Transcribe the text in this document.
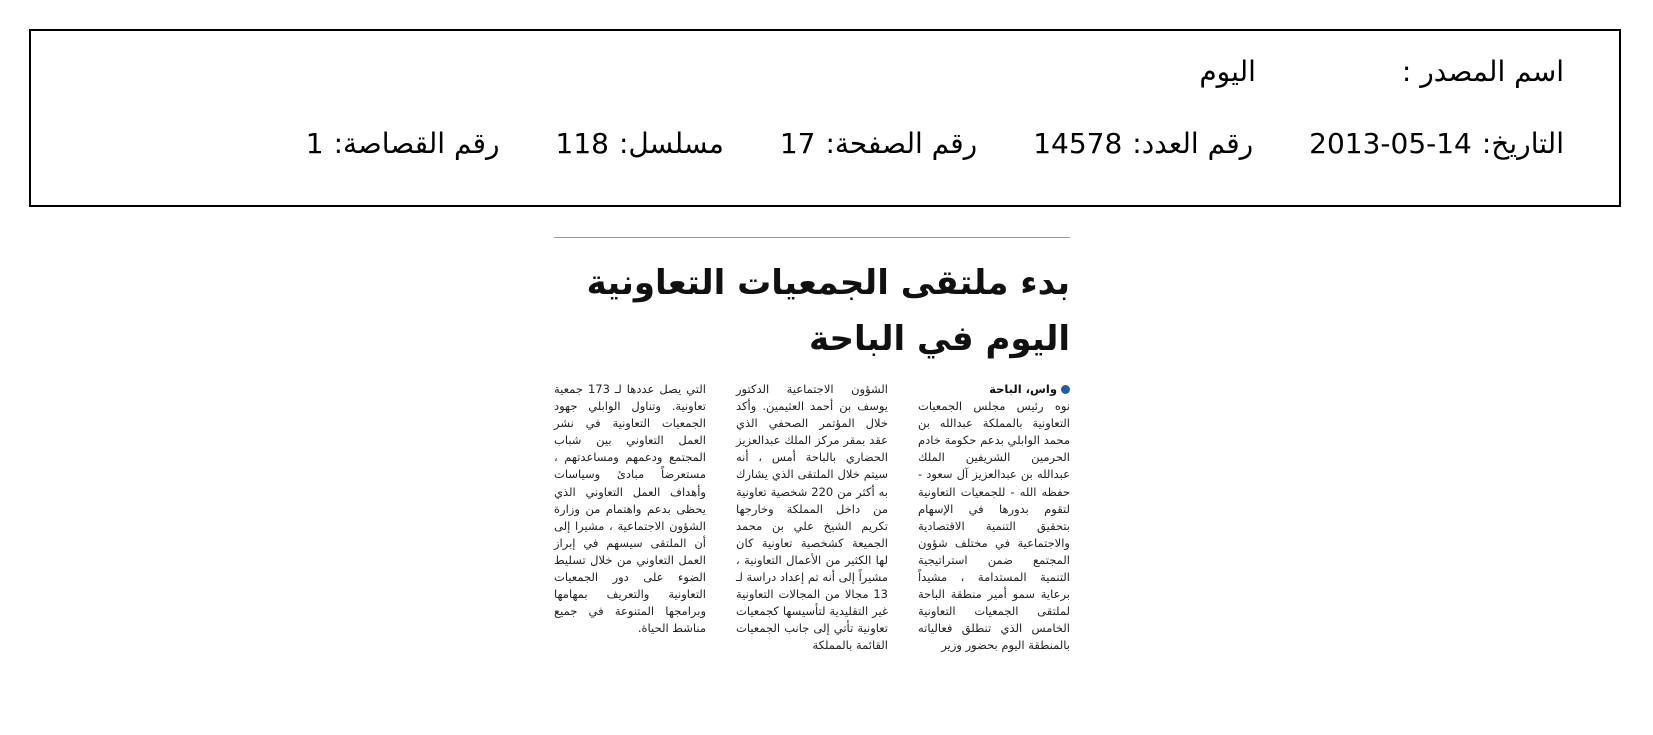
اسم المصدر :
اليوم
التاريخ:
2013-05-14
رقم العدد:
14578
رقم الصفحة:
17
مسلسل:
118
رقم القصاصة:
1
بدء ملتقى الجمعيات التعاونية اليوم في الباحة
واس، الباحة
نوه رئيس مجلس الجمعيات التعاونية بالمملكة عبدالله بن محمد الوابلي بدعم حكومة خادم الحرمين الشريفين الملك عبدالله بن عبدالعزيز آل سعود - حفظه الله - للجمعيات التعاونية لتقوم بدورها في الإسهام بتحقيق التنمية الاقتصادية والاجتماعية في مختلف شؤون المجتمع ضمن استراتيجية التنمية المستدامة ، مشيداً برعاية سمو أمير منطقة الباحة لملتقى الجمعيات التعاونية الخامس الذي تنطلق فعالياته بالمنطقة اليوم بحضور وزير
الشؤون الاجتماعية الدكتور يوسف بن أحمد العثيمين. وأكد خلال المؤتمر الصحفي الذي عقد بمقر مركز الملك عبدالعزيز الحضاري بالباحة أمس ، أنه سيتم خلال الملتقى الذي يشارك به أكثر من 220 شخصية تعاونية من داخل المملكة وخارجها تكريم الشيخ علي بن محمد الجميعة كشخصية تعاونية كان لها الكثير من الأعمال التعاونية ، مشيراً إلى أنه تم إعداد دراسة لـ 13 مجالا من المجالات التعاونية غير التقليدية لتأسيسها كجمعيات تعاونية تأتي إلى جانب الجمعيات القائمة بالمملكة
التي يصل عددها لـ 173 جمعية تعاونية. وتناول الوابلي جهود الجمعيات التعاونية في نشر العمل التعاوني بين شباب المجتمع ودعمهم ومساعدتهم ، مستعرضاً مبادئ وسياسات وأهداف العمل التعاوني الذي يحظى بدعم واهتمام من وزارة الشؤون الاجتماعية ، مشيرا إلى أن الملتقى سيسهم في إبراز العمل التعاوني من خلال تسليط الضوء على دور الجمعيات التعاونية والتعريف بمهامها وبرامجها المتنوعة في جميع مناشط الحياة.
